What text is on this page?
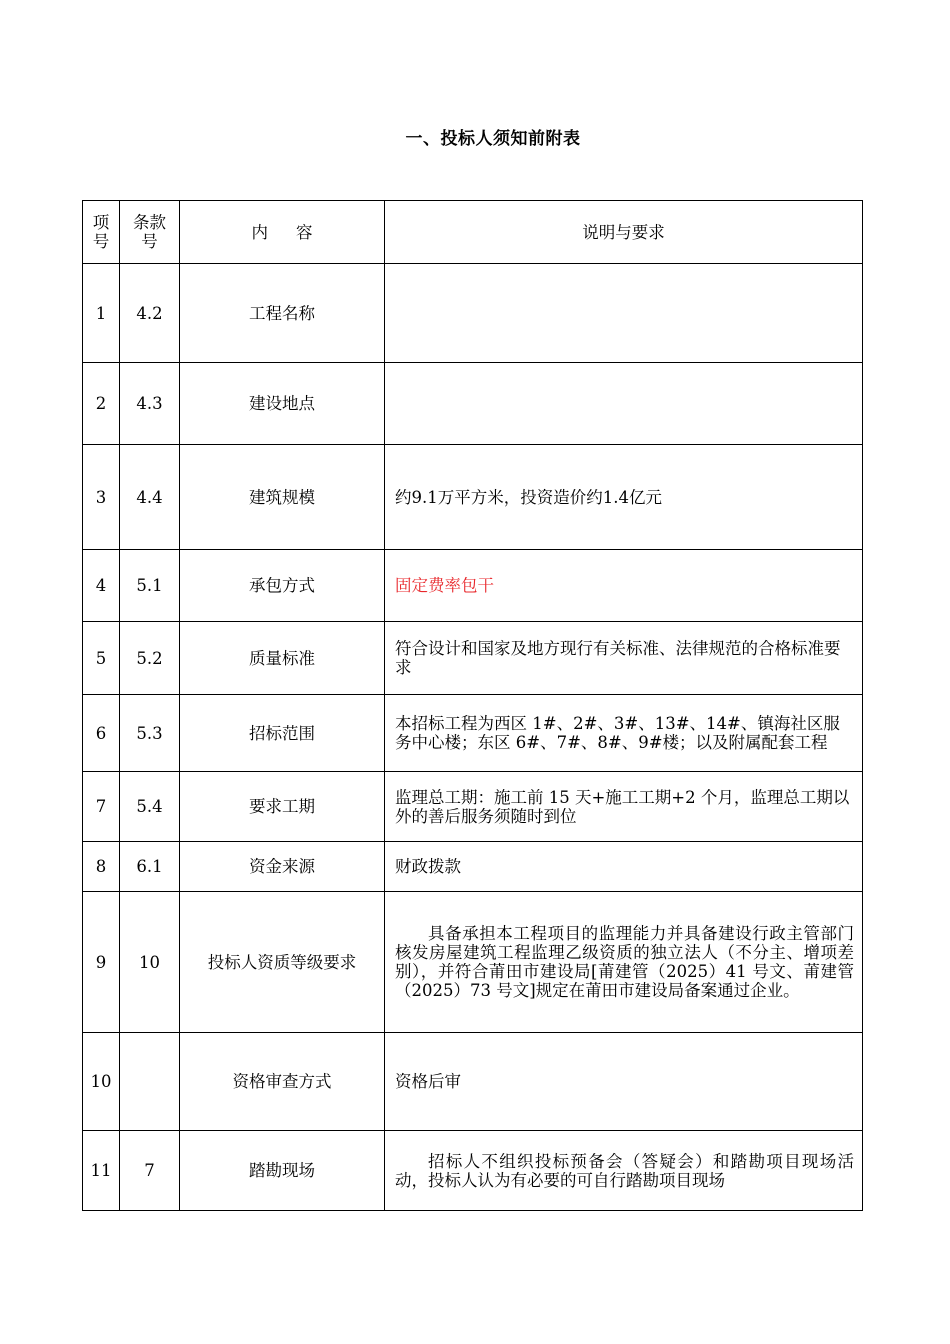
一、投标人须知前附表
项号	条款号	内容	说明与要求
1	4.2	工程名称	
2	4.3	建设地点	
3	4.4	建筑规模	约9.1万平方米，投资造价约1.4亿元
4	5.1	承包方式	固定费率包干
5	5.2	质量标准	符合设计和国家及地方现行有关标准、法律规范的合格标准要求
6	5.3	招标范围	本招标工程为西区 1#、2#、3#、13#、14#、镇海社区服务中心楼；东区 6#、7#、8#、9#楼；以及附属配套工程
7	5.4	要求工期	监理总工期：施工前 15 天+施工工期+2 个月，监理总工期以外的善后服务须随时到位
8	6.1	资金来源	财政拨款
9	10	投标人资质等级要求	具备承担本工程项目的监理能力并具备建设行政主管部门核发房屋建筑工程监理乙级资质的独立法人（不分主、增项差别），并符合莆田市建设局[莆建管（2025）41 号文、莆建管（2025）73 号文]规定在莆田市建设局备案通过企业。

10		资格审查方式	资格后审
11	7	踏勘现场	招标人不组织投标预备会（答疑会）和踏勘项目现场活动，投标人认为有必要的可自行踏勘项目现场
